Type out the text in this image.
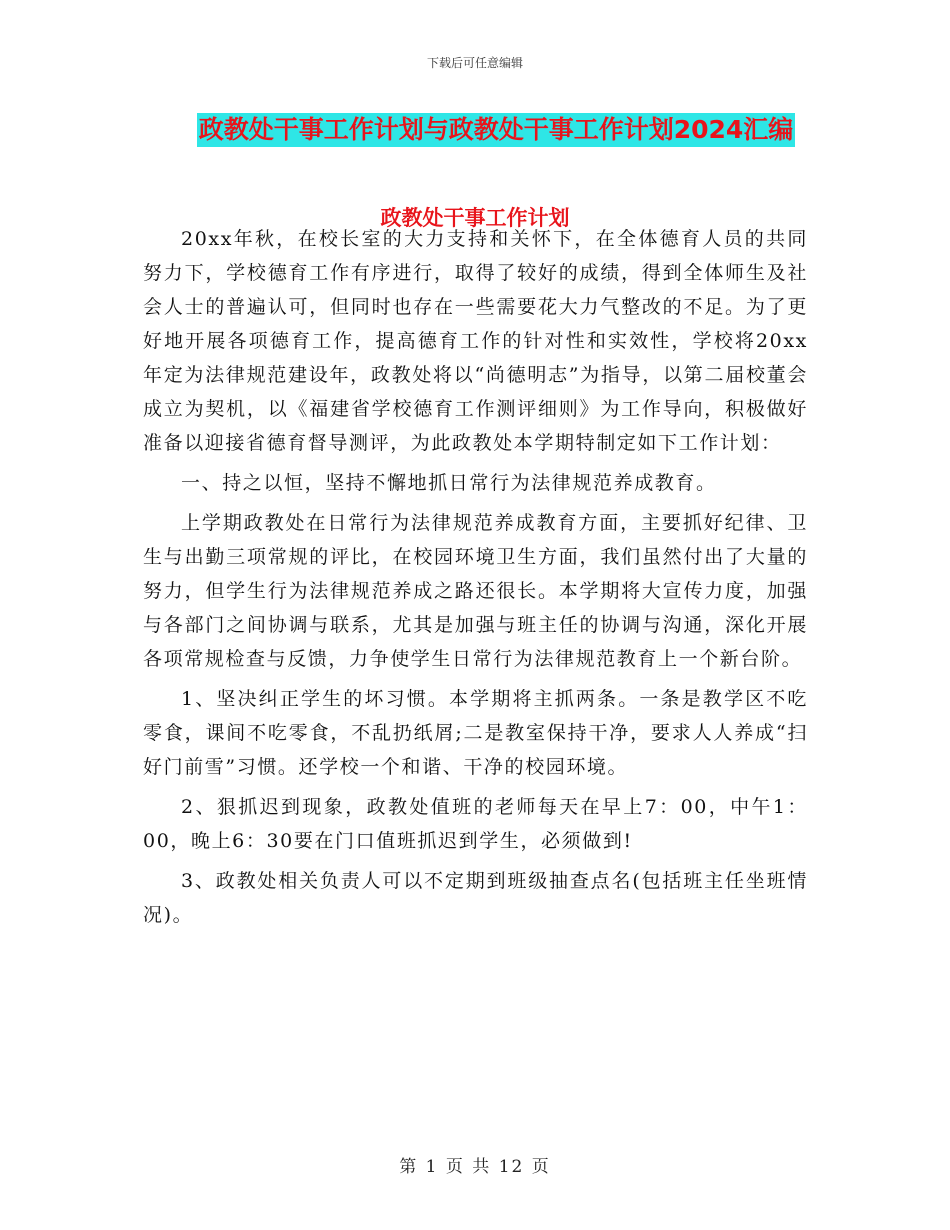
下载后可任意编辑
政教处干事工作计划与政教处干事工作计划2024汇编
政教处干事工作计划

20xx年秋，在校长室的大力支持和关怀下，在全体德育人员的共同努力下，学校德育工作有序进行，取得了较好的成绩，得到全体师生及社会人士的普遍认可，但同时也存在一些需要花大力气整改的不足。为了更好地开展各项德育工作，提高德育工作的针对性和实效性，学校将20xx年定为法律规范建设年，政教处将以“尚德明志”为指导，以第二届校董会成立为契机，以《福建省学校德育工作测评细则》为工作导向，积极做好准备以迎接省德育督导测评，为此政教处本学期特制定如下工作计划：

一、持之以恒，坚持不懈地抓日常行为法律规范养成教育。

上学期政教处在日常行为法律规范养成教育方面，主要抓好纪律、卫生与出勤三项常规的评比，在校园环境卫生方面，我们虽然付出了大量的努力，但学生行为法律规范养成之路还很长。本学期将大宣传力度，加强与各部门之间协调与联系，尤其是加强与班主任的协调与沟通，深化开展各项常规检查与反馈，力争使学生日常行为法律规范教育上一个新台阶。

1、坚决纠正学生的坏习惯。本学期将主抓两条。一条是教学区不吃零食，课间不吃零食，不乱扔纸屑;二是教室保持干净，要求人人养成“扫好门前雪”习惯。还学校一个和谐、干净的校园环境。

2、狠抓迟到现象，政教处值班的老师每天在早上7：00，中午1：00，晚上6：30要在门口值班抓迟到学生，必须做到!

3、政教处相关负责人可以不定期到班级抽查点名(包括班主任坐班情况)。

第 1 页 共 12 页
